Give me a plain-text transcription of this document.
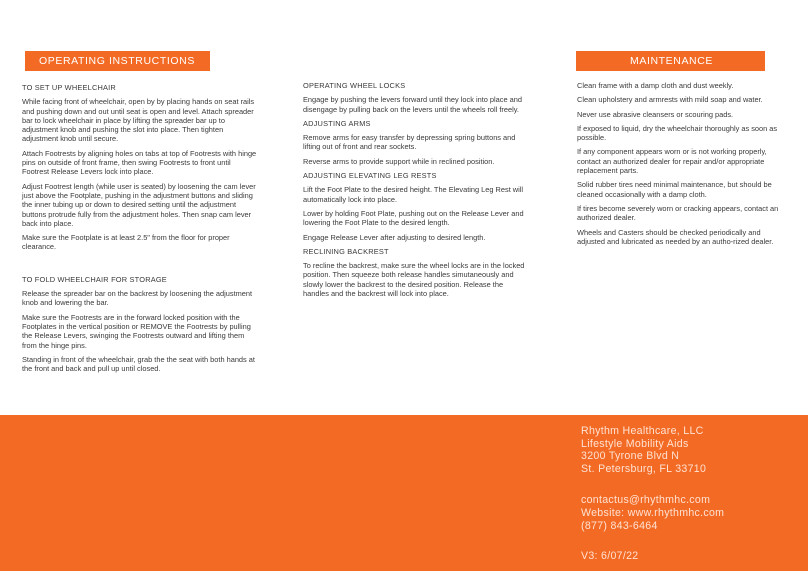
OPERATING INSTRUCTIONS	MAINTENANCE
TO SET UP WHEELCHAIR

While facing front of wheelchair, open by by placing hands on seat rails and pushing down and out until seat is open and level. Attach spreader bar to lock wheelchair in place by lifting the spreader bar up to adjustment knob and pushing the slot into place. Then tighten adjustment knob until secure.

Attach Footrests by aligning holes on tabs at top of Footrests with hinge pins on outside of front frame, then swing Footrests to front until Footrest Release Levers lock into place.

Adjust Footrest length (while user is seated) by loosening the cam lever just above the Footplate, pushing in the adjustment buttons and sliding the inner tubing up or down to desired setting until the adjustment buttons protrude fully from the adjustment holes. Then snap cam lever back into place.

Make sure the Footplate is at least 2.5" from the floor for proper clearance.

TO FOLD WHEELCHAIR FOR STORAGE

Release the spreader bar on the backrest by loosening the adjustment knob and lowering the bar.

Make sure the Footrests are in the forward locked position with the Footplates in the vertical position or REMOVE the Footrests by pulling the Release Levers, swinging the Footrests outward and lifting them from the hinge pins.

Standing in front of the wheelchair, grab the the seat with both hands at the front and back and pull up until closed.

OPERATING WHEEL LOCKS

Engage by pushing the levers forward until they lock into place and disengage by pulling back on the levers until the wheels roll freely.

ADJUSTING ARMS

Remove arms for easy transfer by depressing spring buttons and lifting out of front and rear sockets.

Reverse arms to provide support while in reclined position.

ADJUSTING ELEVATING LEG RESTS

Lift the Foot Plate to the desired height. The Elevating Leg Rest will automatically lock into place.

Lower by holding Foot Plate, pushing out on the Release Lever and lowering the Foot Plate to the desired length.

Engage Release Lever after adjusting to desired length.

RECLINING BACKREST

To recline the backrest, make sure the wheel locks are in the locked position. Then squeeze both release handles simutaneously and slowly lower the backrest to the desired position. Release the handles and the backrest will lock into place.

Clean frame with a damp cloth and dust weekly.

Clean upholstery and armrests with mild soap and water.

Never use abrasive cleansers or scouring pads.

If exposed to liquid, dry the wheelchair thoroughly as soon as possible.

If any component appears worn or is not working properly, contact an authorized dealer for repair and/or appropriate replacement parts.

Solid rubber tires need minimal maintenance, but should be cleaned occasionally with a damp cloth.

If tires become severely worn or cracking appears, contact an authorized dealer.

Wheels and Casters should be checked periodically and adjusted and lubricated as needed by an autho-rized dealer.

Rhythm Healthcare, LLC
Lifestyle Mobility Aids
3200 Tyrone Blvd N
St. Petersburg, FL 33710
contactus@rhythmhc.com
Website: www.rhythmhc.com
(877) 843-6464
V3: 6/07/22
